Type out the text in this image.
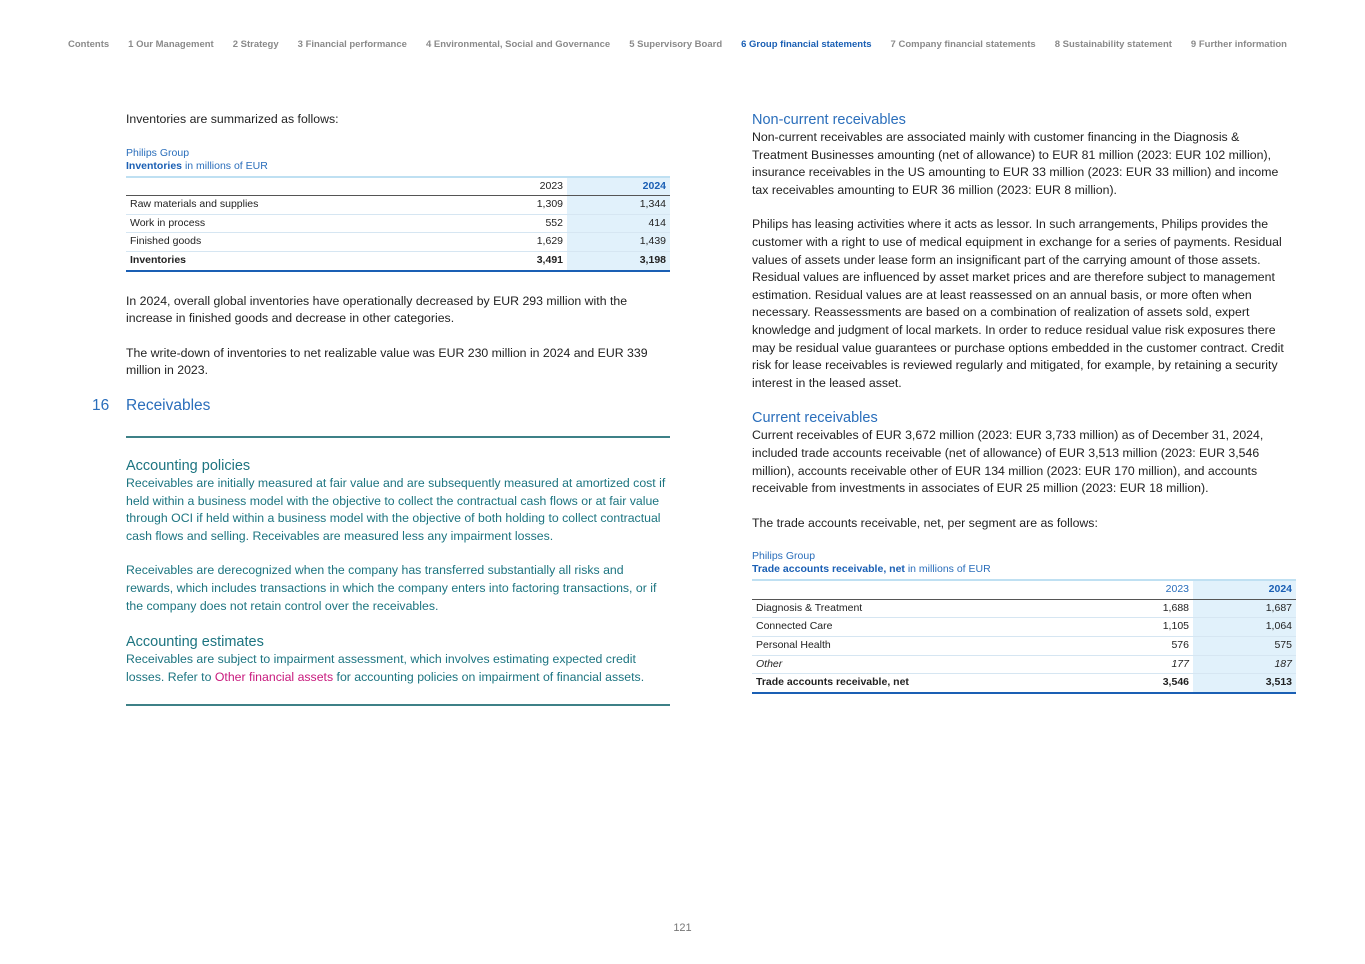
Contents 1 Our Management 2 Strategy 3 Financial performance 4 Environmental, Social and Governance 5 Supervisory Board 6 Group financial statements 7 Company financial statements 8 Sustainability statement 9 Further information

Inventories are summarized as follows:

Philips Group
Inventories in millions of EUR
	2023	2024
Raw materials and supplies	1,309	1,344
Work in process	552	414
Finished goods	1,629	1,439
Inventories	3,491	3,198

In 2024, overall global inventories have operationally decreased by EUR 293 million with the increase in finished goods and decrease in other categories.

The write-down of inventories to net realizable value was EUR 230 million in 2024 and EUR 339 million in 2023.

16 Receivables
Accounting policies

Receivables are initially measured at fair value and are subsequently measured at amortized cost if held within a business model with the objective to collect the contractual cash flows or at fair value through OCI if held within a business model with the objective of both holding to collect contractual cash flows and selling. Receivables are measured less any impairment losses.

Receivables are derecognized when the company has transferred substantially all risks and rewards, which includes transactions in which the company enters into factoring transactions, or if the company does not retain control over the receivables.

Accounting estimates

Receivables are subject to impairment assessment, which involves estimating expected credit losses. Refer to Other financial assets for accounting policies on impairment of financial assets.

Non-current receivables

Non-current receivables are associated mainly with customer financing in the Diagnosis & Treatment Businesses amounting (net of allowance) to EUR 81 million (2023: EUR 102 million), insurance receivables in the US amounting to EUR 33 million (2023: EUR 33 million) and income tax receivables amounting to EUR 36 million (2023: EUR 8 million).

Philips has leasing activities where it acts as lessor. In such arrangements, Philips provides the customer with a right to use of medical equipment in exchange for a series of payments. Residual values of assets under lease form an insignificant part of the carrying amount of those assets. Residual values are influenced by asset market prices and are therefore subject to management estimation. Residual values are at least reassessed on an annual basis, or more often when necessary. Reassessments are based on a combination of realization of assets sold, expert knowledge and judgment of local markets. In order to reduce residual value risk exposures there may be residual value guarantees or purchase options embedded in the customer contract. Credit risk for lease receivables is reviewed regularly and mitigated, for example, by retaining a security interest in the leased asset.

Current receivables

Current receivables of EUR 3,672 million (2023: EUR 3,733 million) as of December 31, 2024, included trade accounts receivable (net of allowance) of EUR 3,513 million (2023: EUR 3,546 million), accounts receivable other of EUR 134 million (2023: EUR 170 million), and accounts receivable from investments in associates of EUR 25 million (2023: EUR 18 million).

The trade accounts receivable, net, per segment are as follows:

Philips Group
Trade accounts receivable, net in millions of EUR
	2023	2024
Diagnosis & Treatment	1,688	1,687
Connected Care	1,105	1,064
Personal Health	576	575
Other	177	187
Trade accounts receivable, net	3,546	3,513
121
